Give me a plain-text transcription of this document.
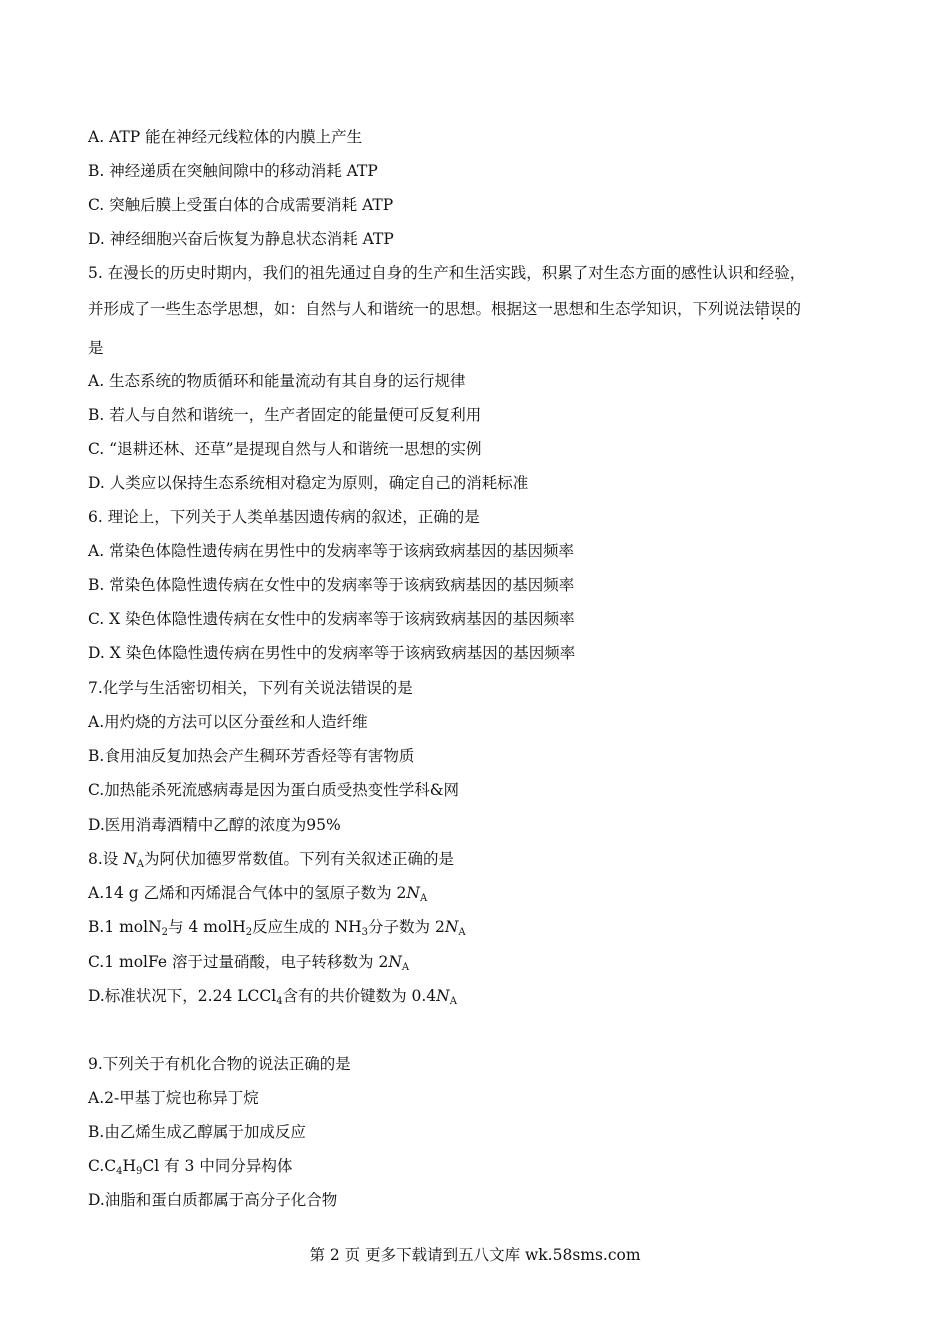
A. ATP 能在神经元线粒体的内膜上产生
B. 神经递质在突触间隙中的移动消耗 ATP
C. 突触后膜上受蛋白体的合成需要消耗 ATP
D. 神经细胞兴奋后恢复为静息状态消耗 ATP
5. 在漫长的历史时期内，我们的祖先通过自身的生产和生活实践，积累了对生态方面的感性认识和经验，
并形成了一些生态学思想，如：自然与人和谐统一的思想。根据这一思想和生态学知识，下列说法错误的
是
A. 生态系统的物质循环和能量流动有其自身的运行规律
B. 若人与自然和谐统一，生产者固定的能量便可反复利用
C. “退耕还林、还草”是提现自然与人和谐统一思想的实例
D. 人类应以保持生态系统相对稳定为原则，确定自己的消耗标准
6. 理论上，下列关于人类单基因遗传病的叙述，正确的是
A. 常染色体隐性遗传病在男性中的发病率等于该病致病基因的基因频率
B. 常染色体隐性遗传病在女性中的发病率等于该病致病基因的基因频率
C. X 染色体隐性遗传病在女性中的发病率等于该病致病基因的基因频率
D. X 染色体隐性遗传病在男性中的发病率等于该病致病基因的基因频率
7.化学与生活密切相关，下列有关说法错误的是
A.用灼烧的方法可以区分蚕丝和人造纤维
B.食用油反复加热会产生稠环芳香烃等有害物质
C.加热能杀死流感病毒是因为蛋白质受热变性学科&网
D.医用消毒酒精中乙醇的浓度为95%
8.设 $N_A$为阿伏加德罗常数值。下列有关叙述正确的是
A.14 g 乙烯和丙烯混合气体中的氢原子数为 $2N_A$
B.1 molN$_2$与 4 molH$_2$反应生成的 $NH_3$分子数为 $2N_A$
C.1 molFe 溶于过量硝酸，电子转移数为 $2N_A$
D.标准状况下，2.24 LCCl$_4$含有的共价键数为 $0.4N_A$
9.下列关于有机化合物的说法正确的是
A.2-甲基丁烷也称异丁烷
B.由乙烯生成乙醇属于加成反应
$C.C_4H_9Cl$ 有 3 中同分异构体
D.油脂和蛋白质都属于高分子化合物
第 2 页 更多下载请到五八文库 wk.58sms.com
